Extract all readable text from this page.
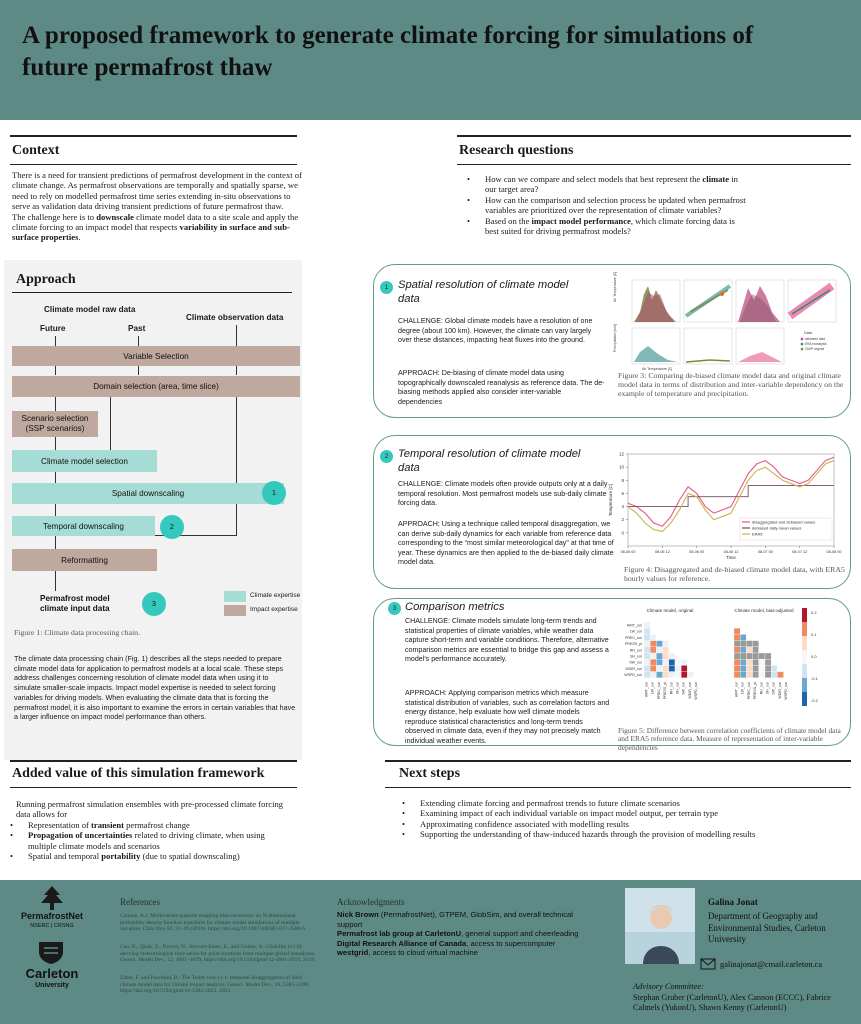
A proposed framework to generate climate forcing for simulations of future permafrost thaw
Context
There is a need for transient predictions of permafrost development in the context of climate change. As permafrost observations are temporally and spatially sparse, we need to rely on modelled permafrost time series extending in-situ observations to serve as validation data driving transient predictions of future permafrost thaw.
The challenge here is to downscale climate model data to a site scale and apply the climate forcing to an impact model that respects variability in surface and sub-surface properties.
Research questions
• How can we compare and select models that best represent the climate in our target area?
• How can the comparison and selection process be updated when permafrost variables are prioritized over the representation of climate variables?
• Based on the impact model performance, which climate forcing data is best suited for driving permafrost models?
Approach
Climate model raw data
Future	Past
Climate observation data
Variable Selection
Domain selection (area, time slice)
Scenario selection
(SSP scenarios)
Climate model selection
Spatial downscaling
Temporal downscaling
Reformatting
Permafrost model
climate input data
1
2
3
Climate expertise
Impact expertise
Figure 1: Climate data processing chain.
The climate data processing chain (Fig. 1) describes all the steps needed to prepare climate model data for application to permafrost models at a local scale. These steps address challenges concerning resolution of climate model data when using it to simulate smaller-scale impacts. Impact model expertise is needed to select forcing variables for driving models. When evaluating the climate data that is forcing the permafrost model, it is also important to examine the errors in certain variables that have a larger influence on impact model performance than others.
1 Spatial resolution of climate model data
CHALLENGE: Global climate models have a resolution of one degree (about 100 km). However, the climate can vary largely over these distances, impacting heat fluxes into the ground.
APPROACH: De-biasing of climate model data using topographically downscaled reanalysis as reference data. The de-biasing methods applied also consider inter-variable dependencies
Air Temperature [C]
Precipitation [mm]
Air Temperature [C]
Data
debiased data
ERA reanalysis
CMIP original
Figure 3: Comparing de-biased climate model data and original climate model data in terms of distribution and inter-variable dependency on the example of temperature and precipitation.
2 Temporal resolution of climate model data
CHALLENGE: Climate models often provide outputs only at a daily temporal resolution. Most permafrost models use sub-daily climate forcing data.
APPROACH: Using a technique called temporal disaggregation, we can derive sub-daily dynamics for each variable from reference data corresponding to the “most similar meteorological day” at that time of year. These dynamics are then applied to the de-biased daily climate model data.
0
2
4
6
8
10
12
08-05 00	08-05 12	08-06 00	08-06 12	08-07 00	08-07 12	08-08 00
Time
Temperature [C]
disaggregated and debiased values
debiased daily mean values
ERA5
Figure 4: Disaggregated and de-biased climate model data, with ERA5 hourly values for reference.
3 Comparison metrics
CHALLENGE: Climate models simulate long-term trends and statistical properties of climate variables, while weather data capture short-term and variable conditions. Therefore, alternative comparison metrics are essential to bridge this gap and assess a model's performance accurately.
APPROACH: Applying comparison metrics which measure statistical distribution of variables, such as correlation factors and energy distance, help evaluate how well climate models reproduce statistical characteristics and long-term trends observed in climate data, even if they may not precisely match individual weather events.
Climate model, original	Climate model, bias-adjusted
AIRT_sur
AIRT_sur	AIRT_sur
LW_sur
LW_sur	LW_sur
PREC_sur
PREC_sur	PREC_sur
PRESS_pl
PRESS_pl	PRESS_pl
RH_sur
RH_sur	RH_sur
SH_sur
SH_sur	SH_sur
SW_sur
SW_sur	SW_sur
WDIR_sur
WDIR_sur	WDIR_sur
WSPD_sur
WSPD_sur	WSPD_sur
0.2
0.1
0.0
-0.1
-0.2
Figure 5: Difference between correlation coefficients of climate model data and ERA5 reference data. Measure of representation of inter-variable dependencies
Added value of this simulation framework
Running permafrost simulation ensembles with pre-processed climate forcing data allows for
• Representation of transient permafrost change
• Propagation of uncertainties related to driving climate, when using multiple climate models and scenarios
• Spatial and temporal portability (due to spatial downscaling)
Next steps
• Extending climate forcing and permafrost trends to future climate scenarios
• Examining impact of each individual variable on impact model output, per terrain type
• Approximating confidence associated with modelling results
• Supporting the understanding of thaw-induced hazards through the provision of modelling results
PermafrostNet
NSERC | CRSNG
Carleton
University
References
Cannon, A.J. Multivariate quantile mapping bias correction: an N-dimensional probability density function transform for climate model simulations of multiple variables. Clim Dyn 50, 31–49 (2018). https://doi.org/10.1007/s00382-017-3580-6
Cao, B., Quan, X., Brown, N., Stewart-Jones, E., and Gruber, S.: GlobSim (v1.0): deriving meteorological time series for point locations from multiple global reanalyses, Geosci. Model Dev., 12, 4661–4679, https://doi.org/10.5194/gmd-12-4661-2019, 2019.
Zabel, F. and Poschlod, B.: The Teddy tool v1.1: temporal disaggregation of daily climate model data for climate impact analysis, Geosci. Model Dev., 16, 5383–5399, https://doi.org/10.5194/gmd-16-5383-2023, 2023.
Acknowledgments
Nick Brown (PermafrostNet), GTPEM, GlobSim, and overall technical support
Permafrost lab group at CarletonU, general support and cheerleading
Digital Research Alliance of Canada, access to supercomputer
westgrid, access to cloud virtual machine
Galina Jonat
Department of Geography and Environmental Studies, Carleton University
galinajonat@cmail.carleton.ca
Advisory Committee:
Stephan Gruber (CarletonU), Alex Cannon (ECCC), Fabrice Calmels (YukonU), Shawn Kenny (CarletonU)
